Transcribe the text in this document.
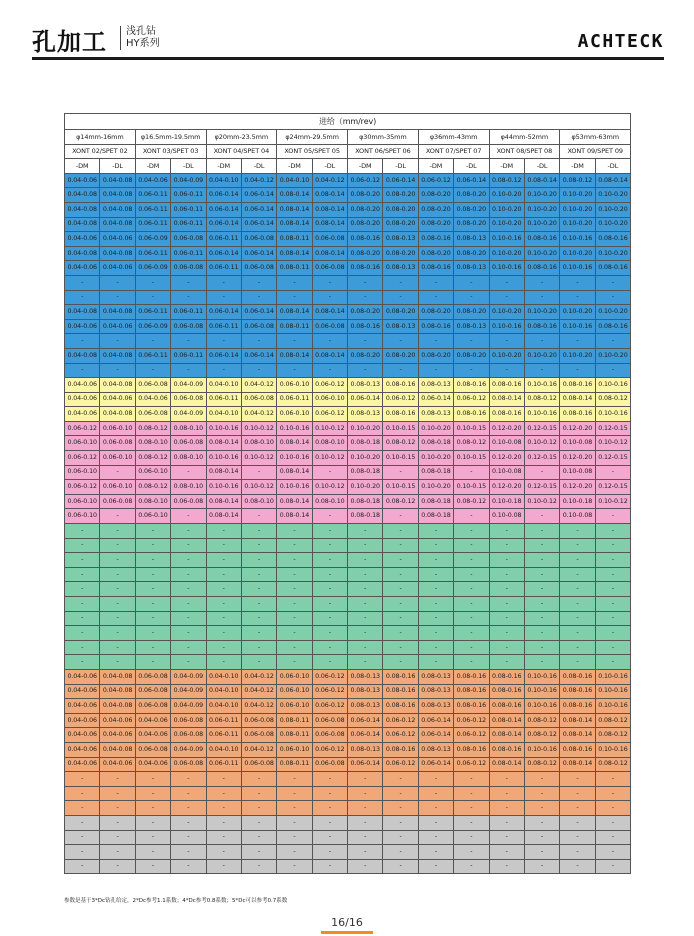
孔加工 浅孔钻
HY系列	ACHTECK
进给（mm/rev)															
φ14mm-16mm		φ16.5mm-19.5mm		φ20mm-23.5mm		φ24mm-29.5mm		φ30mm-35mm		φ36mm-43mm		φ44mm-52mm		φ53mm-63mm	
XONT 02/SPET 02		XONT 03/SPET 03		XONT 04/SPET 04		XONT 05/SPET 05		XONT 06/SPET 06		XONT 07/SPET 07		XONT 08/SPET 08		XONT 09/SPET 09	
-DM	-DL	-DM	-DL	-DM	-DL	-DM	-DL	-DM	-DL	-DM	-DL	-DM	-DL	-DM	-DL
0.04-0.06	0.04-0.08	0.04-0.06	0.04-0.09	0.04-0.10	0.04-0.12	0.04-0.10	0.04-0.12	0.06-0.12	0.06-0.14	0.06-0.12	0.06-0.14	0.08-0.12	0.08-0.14	0.08-0.12	0.08-0.14
0.04-0.08	0.04-0.08	0.06-0.11	0.06-0.11	0.06-0.14	0.06-0.14	0.08-0.14	0.08-0.14	0.08-0.20	0.08-0.20	0.08-0.20	0.08-0.20	0.10-0.20	0.10-0.20	0.10-0.20	0.10-0.20
0.04-0.08	0.04-0.08	0.06-0.11	0.06-0.11	0.06-0.14	0.06-0.14	0.08-0.14	0.08-0.14	0.08-0.20	0.08-0.20	0.08-0.20	0.08-0.20	0.10-0.20	0.10-0.20	0.10-0.20	0.10-0.20
0.04-0.08	0.04-0.08	0.06-0.11	0.06-0.11	0.06-0.14	0.06-0.14	0.08-0.14	0.08-0.14	0.08-0.20	0.08-0.20	0.08-0.20	0.08-0.20	0.10-0.20	0.10-0.20	0.10-0.20	0.10-0.20
0.04-0.06	0.04-0.06	0.06-0.09	0.06-0.08	0.06-0.11	0.06-0.08	0.08-0.11	0.06-0.08	0.08-0.16	0.08-0.13	0.08-0.16	0.08-0.13	0.10-0.16	0.08-0.16	0.10-0.16	0.08-0.16
0.04-0.08	0.04-0.08	0.06-0.11	0.06-0.11	0.06-0.14	0.06-0.14	0.08-0.14	0.08-0.14	0.08-0.20	0.08-0.20	0.08-0.20	0.08-0.20	0.10-0.20	0.10-0.20	0.10-0.20	0.10-0.20
0.04-0.06	0.04-0.06	0.06-0.09	0.06-0.08	0.06-0.11	0.06-0.08	0.08-0.11	0.06-0.08	0.08-0.16	0.08-0.13	0.08-0.16	0.08-0.13	0.10-0.16	0.08-0.16	0.10-0.16	0.08-0.16
-	-	-	-	-	-	-	-	-	-	-	-	-	-	-	-
-	-	-	-	-	-	-	-	-	-	-	-	-	-	-	-
0.04-0.08	0.04-0.08	0.06-0.11	0.06-0.11	0.06-0.14	0.06-0.14	0.08-0.14	0.08-0.14	0.08-0.20	0.08-0.20	0.08-0.20	0.08-0.20	0.10-0.20	0.10-0.20	0.10-0.20	0.10-0.20
0.04-0.06	0.04-0.06	0.06-0.09	0.06-0.08	0.06-0.11	0.06-0.08	0.08-0.11	0.06-0.08	0.08-0.16	0.08-0.13	0.08-0.16	0.08-0.13	0.10-0.16	0.08-0.16	0.10-0.16	0.08-0.16
-	-	-	-	-	-	-	-	-	-	-	-	-	-	-	-
0.04-0.08	0.04-0.08	0.06-0.11	0.06-0.11	0.06-0.14	0.06-0.14	0.08-0.14	0.08-0.14	0.08-0.20	0.08-0.20	0.08-0.20	0.08-0.20	0.10-0.20	0.10-0.20	0.10-0.20	0.10-0.20
-	-	-	-	-	-	-	-	-	-	-	-	-	-	-	-
0.04-0.06	0.04-0.08	0.06-0.08	0.04-0.09	0.04-0.10	0.04-0.12	0.06-0.10	0.06-0.12	0.08-0.13	0.08-0.16	0.08-0.13	0.08-0.16	0.08-0.16	0.10-0.16	0.08-0.16	0.10-0.16
0.04-0.06	0.04-0.06	0.04-0.06	0.06-0.08	0.06-0.11	0.06-0.08	0.06-0.11	0.06-0.10	0.06-0.14	0.06-0.12	0.06-0.14	0.06-0.12	0.08-0.14	0.08-0.12	0.08-0.14	0.08-0.12
0.04-0.06	0.04-0.08	0.06-0.08	0.04-0.09	0.04-0.10	0.04-0.12	0.06-0.10	0.06-0.12	0.08-0.13	0.08-0.16	0.08-0.13	0.08-0.16	0.08-0.16	0.10-0.16	0.08-0.16	0.10-0.16
0.06-0.12	0.06-0.10	0.08-0.12	0.08-0.10	0.10-0.16	0.10-0.12	0.10-0.16	0.10-0.12	0.10-0.20	0.10-0.15	0.10-0.20	0.10-0.15	0.12-0.20	0.12-0.15	0.12-0.20	0.12-0.15
0.06-0.10	0.06-0.08	0.08-0.10	0.06-0.08	0.08-0.14	0.08-0.10	0.08-0.14	0.08-0.10	0.08-0.18	0.08-0.12	0.08-0.18	0.08-0.12	0.10-0.08	0.10-0.12	0.10-0.08	0.10-0.12
0.06-0.12	0.06-0.10	0.08-0.12	0.08-0.10	0.10-0.16	0.10-0.12	0.10-0.16	0.10-0.12	0.10-0.20	0.10-0.15	0.10-0.20	0.10-0.15	0.12-0.20	0.12-0.15	0.12-0.20	0.12-0.15
0.06-0.10	-	0.06-0.10	-	0.08-0.14	-	0.08-0.14	-	0.08-0.18	-	0.08-0.18	-	0.10-0.08	-	0.10-0.08	-
0.06-0.12	0.06-0.10	0.08-0.12	0.08-0.10	0.10-0.16	0.10-0.12	0.10-0.16	0.10-0.12	0.10-0.20	0.10-0.15	0.10-0.20	0.10-0.15	0.12-0.20	0.12-0.15	0.12-0.20	0.12-0.15
0.06-0.10	0.06-0.08	0.08-0.10	0.06-0.08	0.08-0.14	0.08-0.10	0.08-0.14	0.08-0.10	0.08-0.18	0.08-0.12	0.08-0.18	0.08-0.12	0.10-0.18	0.10-0.12	0.10-0.18	0.10-0.12
0.06-0.10	-	0.06-0.10	-	0.08-0.14	-	0.08-0.14	-	0.08-0.18	-	0.08-0.18	-	0.10-0.08	-	0.10-0.08	-
-	-	-	-	-	-	-	-	-	-	-	-	-	-	-	-
-	-	-	-	-	-	-	-	-	-	-	-	-	-	-	-
-	-	-	-	-	-	-	-	-	-	-	-	-	-	-	-
-	-	-	-	-	-	-	-	-	-	-	-	-	-	-	-
-	-	-	-	-	-	-	-	-	-	-	-	-	-	-	-
-	-	-	-	-	-	-	-	-	-	-	-	-	-	-	-
-	-	-	-	-	-	-	-	-	-	-	-	-	-	-	-
-	-	-	-	-	-	-	-	-	-	-	-	-	-	-	-
-	-	-	-	-	-	-	-	-	-	-	-	-	-	-	-
-	-	-	-	-	-	-	-	-	-	-	-	-	-	-	-
0.04-0.06	0.04-0.08	0.06-0.08	0.04-0.09	0.04-0.10	0.04-0.12	0.06-0.10	0.06-0.12	0.08-0.13	0.08-0.16	0.08-0.13	0.08-0.16	0.08-0.16	0.10-0.16	0.08-0.16	0.10-0.16
0.04-0.06	0.04-0.08	0.06-0.08	0.04-0.09	0.04-0.10	0.04-0.12	0.06-0.10	0.06-0.12	0.08-0.13	0.08-0.16	0.08-0.13	0.08-0.16	0.08-0.16	0.10-0.16	0.08-0.16	0.10-0.16
0.04-0.06	0.04-0.08	0.06-0.08	0.04-0.09	0.04-0.10	0.04-0.12	0.06-0.10	0.06-0.12	0.08-0.13	0.08-0.16	0.08-0.13	0.08-0.16	0.08-0.16	0.10-0.16	0.08-0.16	0.10-0.16
0.04-0.06	0.04-0.06	0.04-0.06	0.06-0.08	0.06-0.11	0.06-0.08	0.08-0.11	0.06-0.08	0.06-0.14	0.06-0.12	0.06-0.14	0.06-0.12	0.08-0.14	0.08-0.12	0.08-0.14	0.08-0.12
0.04-0.06	0.04-0.06	0.04-0.06	0.06-0.08	0.06-0.11	0.06-0.08	0.08-0.11	0.06-0.08	0.06-0.14	0.06-0.12	0.06-0.14	0.06-0.12	0.08-0.14	0.08-0.12	0.08-0.14	0.08-0.12
0.04-0.06	0.04-0.08	0.06-0.08	0.04-0.09	0.04-0.10	0.04-0.12	0.06-0.10	0.06-0.12	0.08-0.13	0.08-0.16	0.08-0.13	0.08-0.16	0.08-0.16	0.10-0.16	0.08-0.16	0.10-0.16
0.04-0.06	0.04-0.06	0.04-0.06	0.06-0.08	0.06-0.11	0.06-0.08	0.08-0.11	0.06-0.08	0.06-0.14	0.06-0.12	0.06-0.14	0.06-0.12	0.08-0.14	0.08-0.12	0.08-0.14	0.08-0.12
-	-	-	-	-	-	-	-	-	-	-	-	-	-	-	-
-	-	-	-	-	-	-	-	-	-	-	-	-	-	-	-
-	-	-	-	-	-	-	-	-	-	-	-	-	-	-	-
-	-	-	-	-	-	-	-	-	-	-	-	-	-	-	-
-	-	-	-	-	-	-	-	-	-	-	-	-	-	-	-
-	-	-	-	-	-	-	-	-	-	-	-	-	-	-	-
-	-	-	-	-	-	-	-	-	-	-	-	-	-	-	-
参数是基于3*Dc钻孔给定，2*Dc参考1.1系数；4*Dc参考0.8系数；5*Dc可以参考0.7系数
16/16
